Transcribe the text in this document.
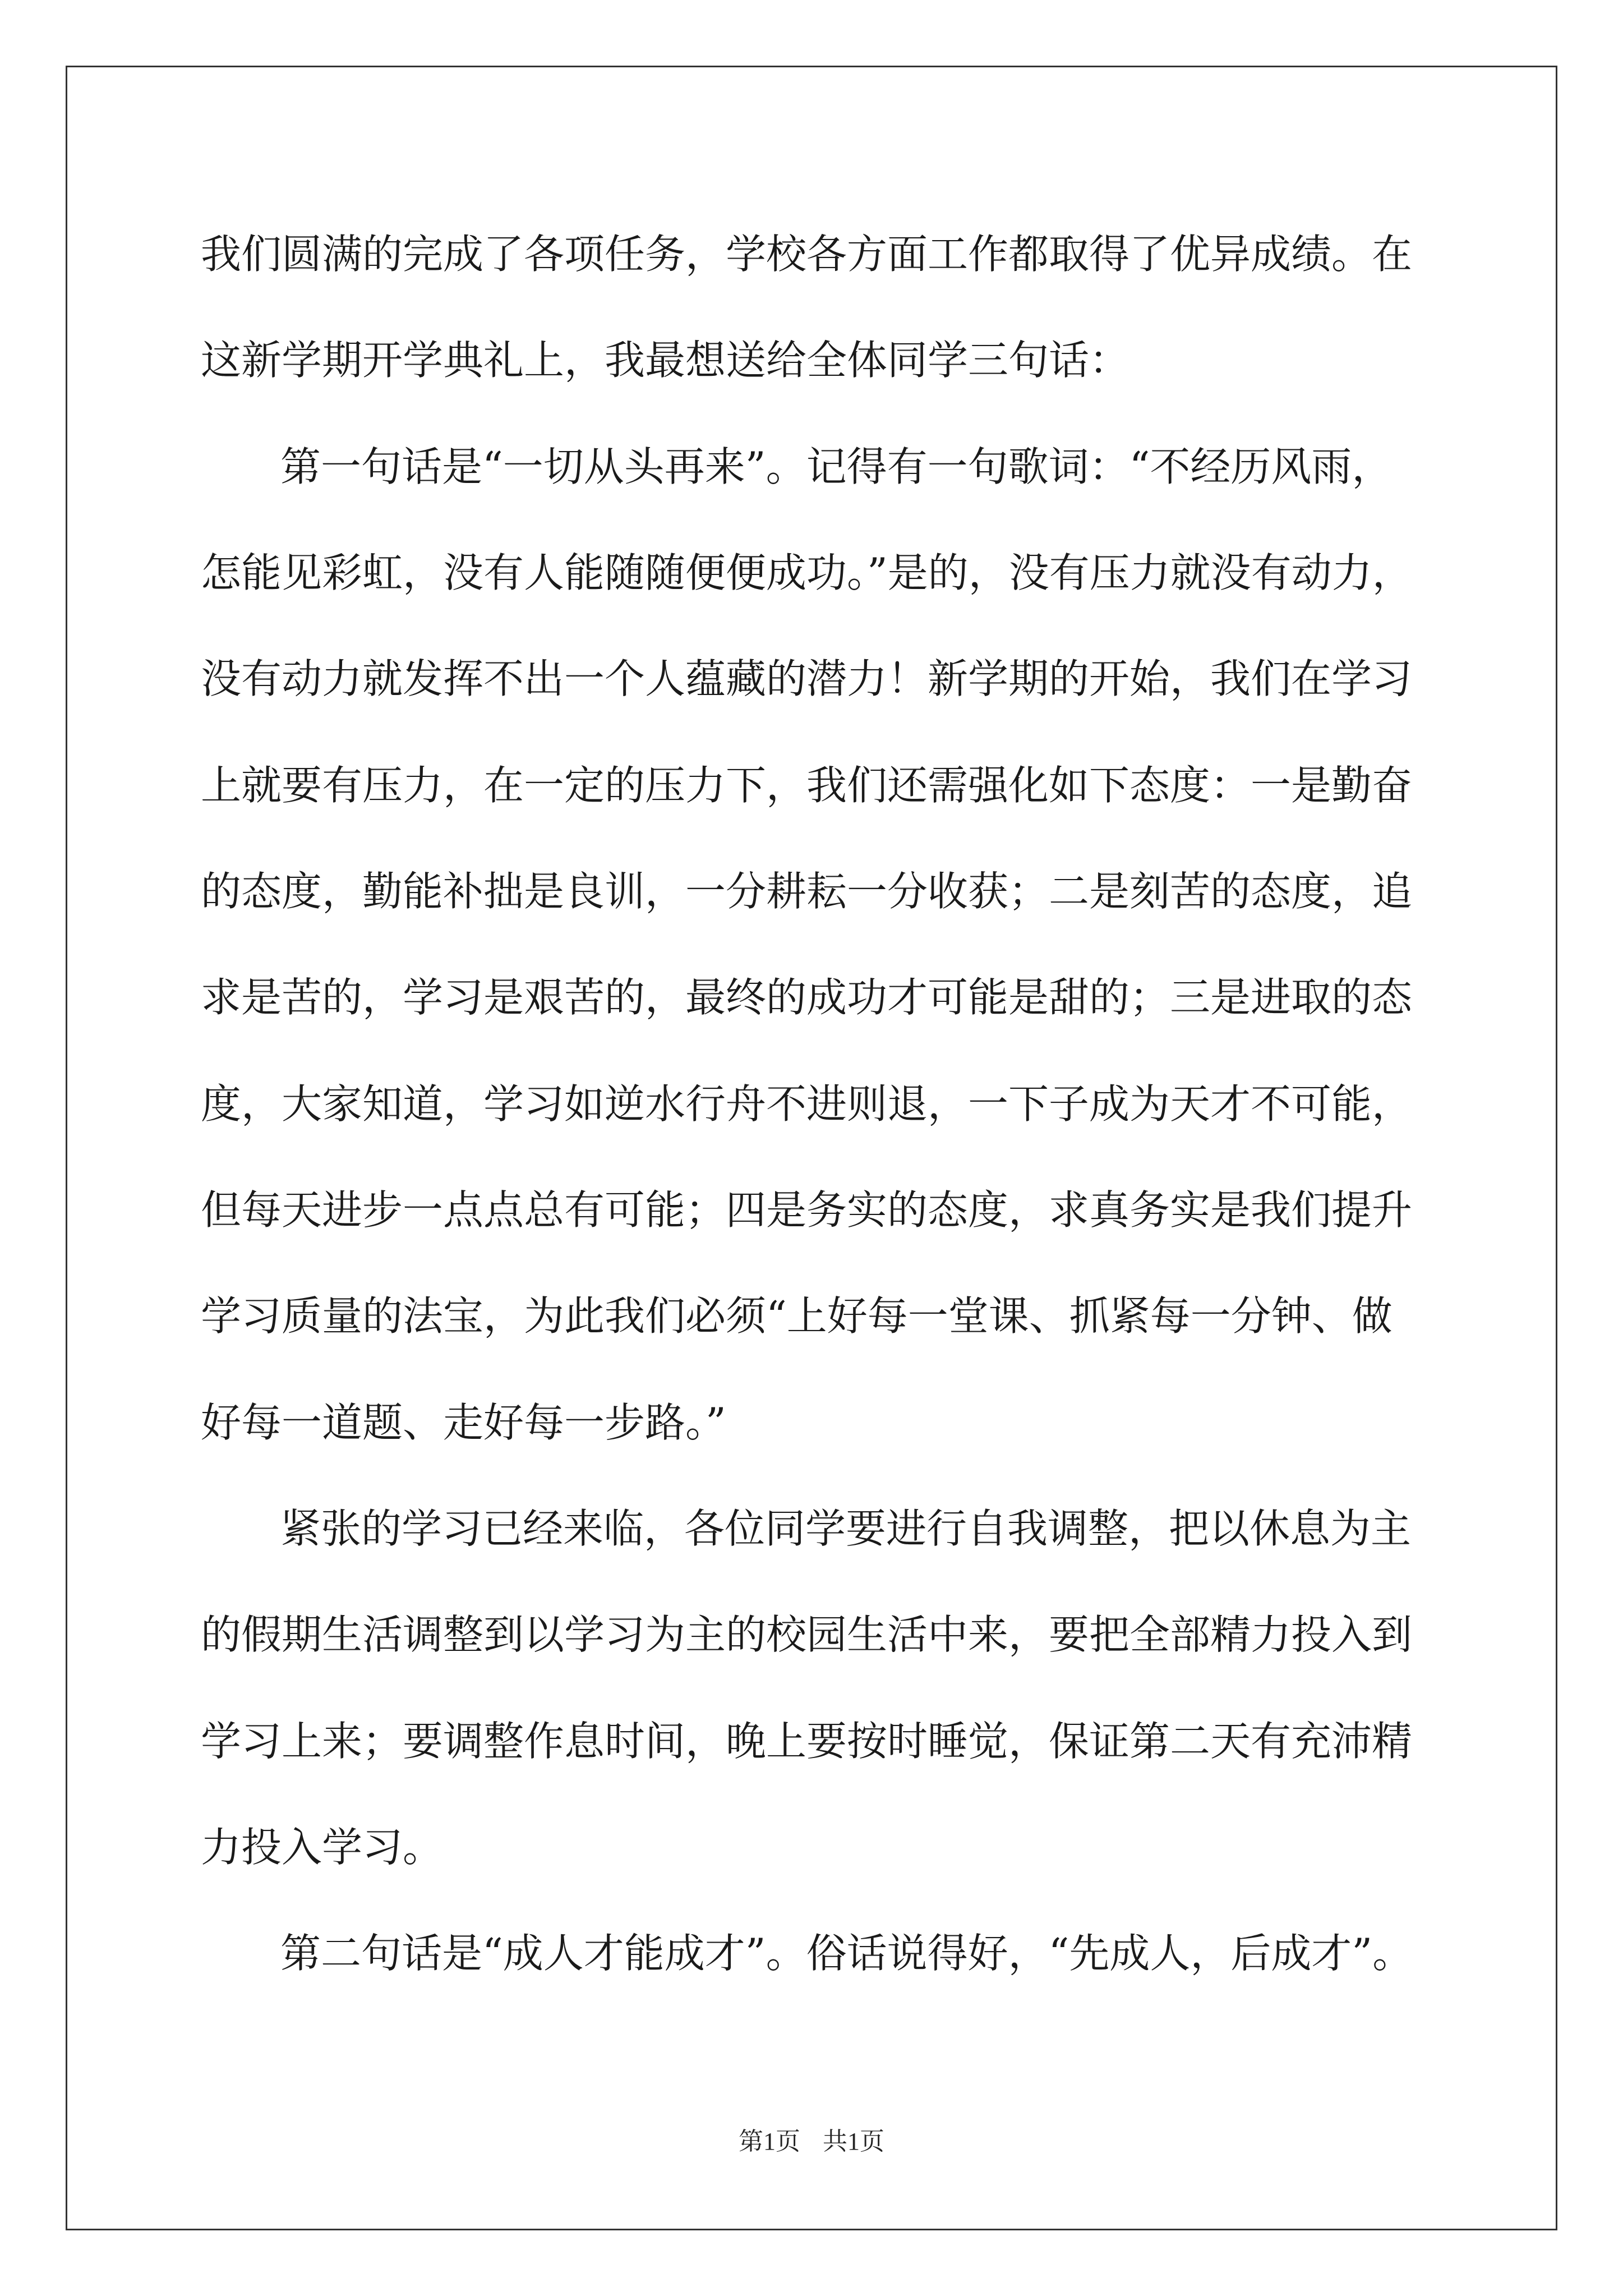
我们圆满的完成了各项任务，学校各方面工作都取得了优异成绩。在
这新学期开学典礼上，我最想送给全体同学三句话：
第一句话是“一切从头再来”。记得有一句歌词：“不经历风雨，
怎能见彩虹，没有人能随随便便成功。”是的，没有压力就没有动力，
没有动力就发挥不出一个人蕴藏的潜力！新学期的开始，我们在学习
上就要有压力，在一定的压力下，我们还需强化如下态度：一是勤奋
的态度，勤能补拙是良训，一分耕耘一分收获；二是刻苦的态度，追
求是苦的，学习是艰苦的，最终的成功才可能是甜的；三是进取的态
度，大家知道，学习如逆水行舟不进则退，一下子成为天才不可能，
但每天进步一点点总有可能；四是务实的态度，求真务实是我们提升
学习质量的法宝，为此我们必须“上好每一堂课、抓紧每一分钟、做
好每一道题、走好每一步路。”
紧张的学习已经来临，各位同学要进行自我调整，把以休息为主
的假期生活调整到以学习为主的校园生活中来，要把全部精力投入到
学习上来；要调整作息时间，晚上要按时睡觉，保证第二天有充沛精
力投入学习。
第二句话是“成人才能成才”。俗话说得好，“先成人，后成才”。
第1页 共1页
